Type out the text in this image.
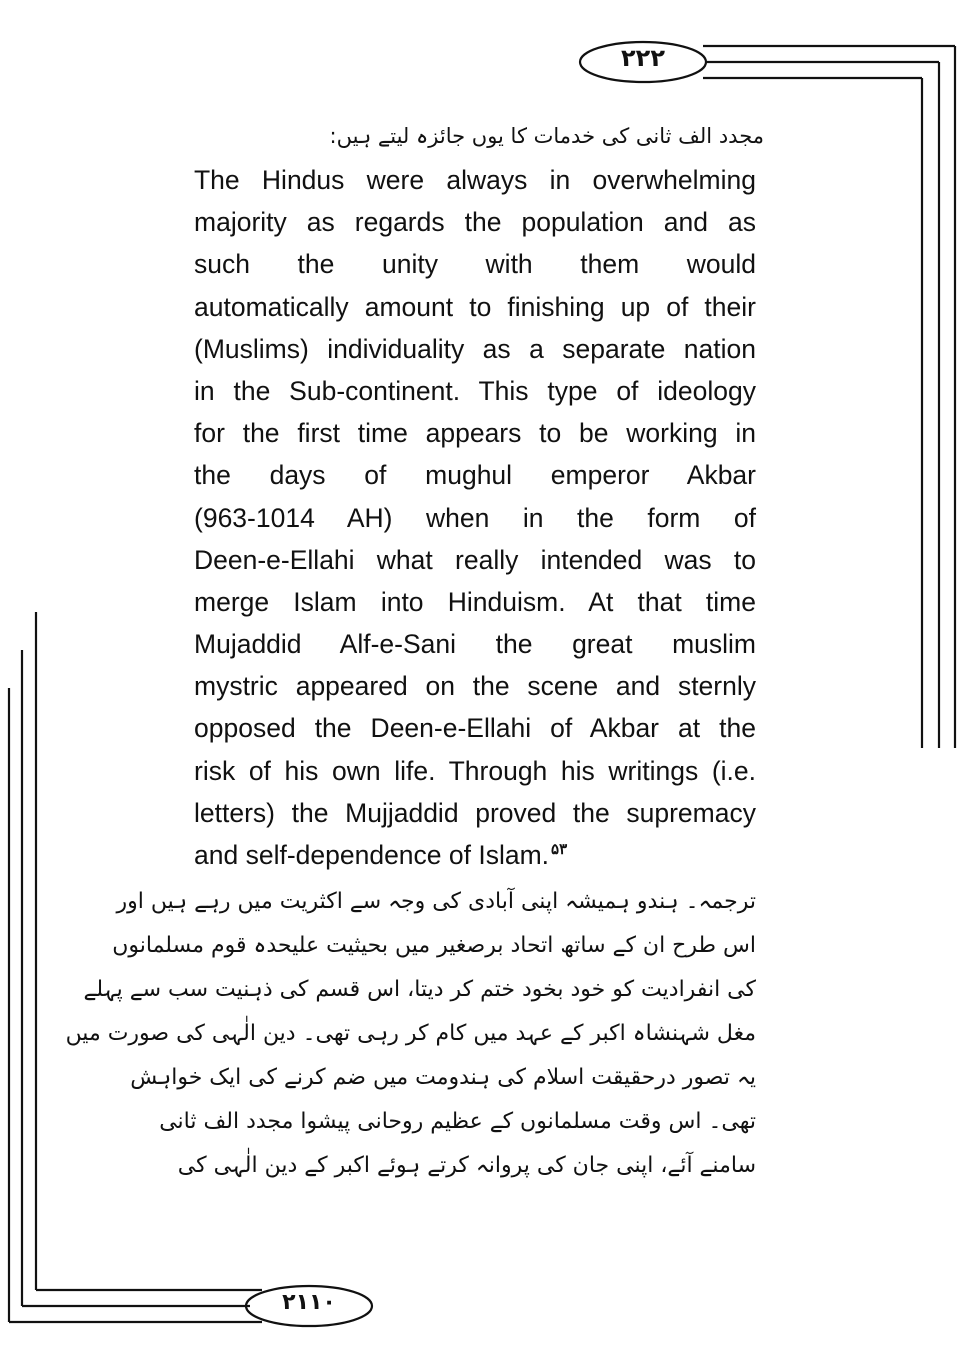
۲۲۲
۲۱۱۰
مجدد الف ثانی کی خدمات کا یوں جائزہ لیتے ہیں:
The Hindus were always in overwhelming
majority as regards the population and as
such the unity with them would
automatically amount to finishing up of their
(Muslims) individuality as a separate nation
in the Sub-continent. This type of ideology
for the first time appears to be working in
the days of mughul emperor Akbar
(963-1014 AH) when in the form of
Deen-e-Ellahi what really intended was to
merge Islam into Hinduism. At that time
Mujaddid Alf-e-Sani the great muslim
mystric appeared on the scene and sternly
opposed the Deen-e-Ellahi of Akbar at the
risk of his own life. Through his writings (i.e.
letters) the Mujjaddid proved the supremacy
and self-dependence of Islam. $^{۵۳}$
ترجمہ۔ ہندو ہمیشہ اپنی آبادی کی وجہ سے اکثریت میں رہے ہیں اور
اس طرح ان کے ساتھ اتحاد برصغیر میں بحیثیت علیحدہ قوم مسلمانوں
کی انفرادیت کو خود بخود ختم کر دیتا، اس قسم کی ذہنیت سب سے پہلے
مغل شہنشاہ اکبر کے عہد میں کام کر رہی تھی۔ دین الٰہی کی صورت میں
یہ تصور درحقیقت اسلام کی ہندومت میں ضم کرنے کی ایک خواہش
تھی۔ اس وقت مسلمانوں کے عظیم روحانی پیشوا مجدد الف ثانی
سامنے آئے، اپنی جان کی پروانہ کرتے ہوئے اکبر کے دین الٰہی کی
